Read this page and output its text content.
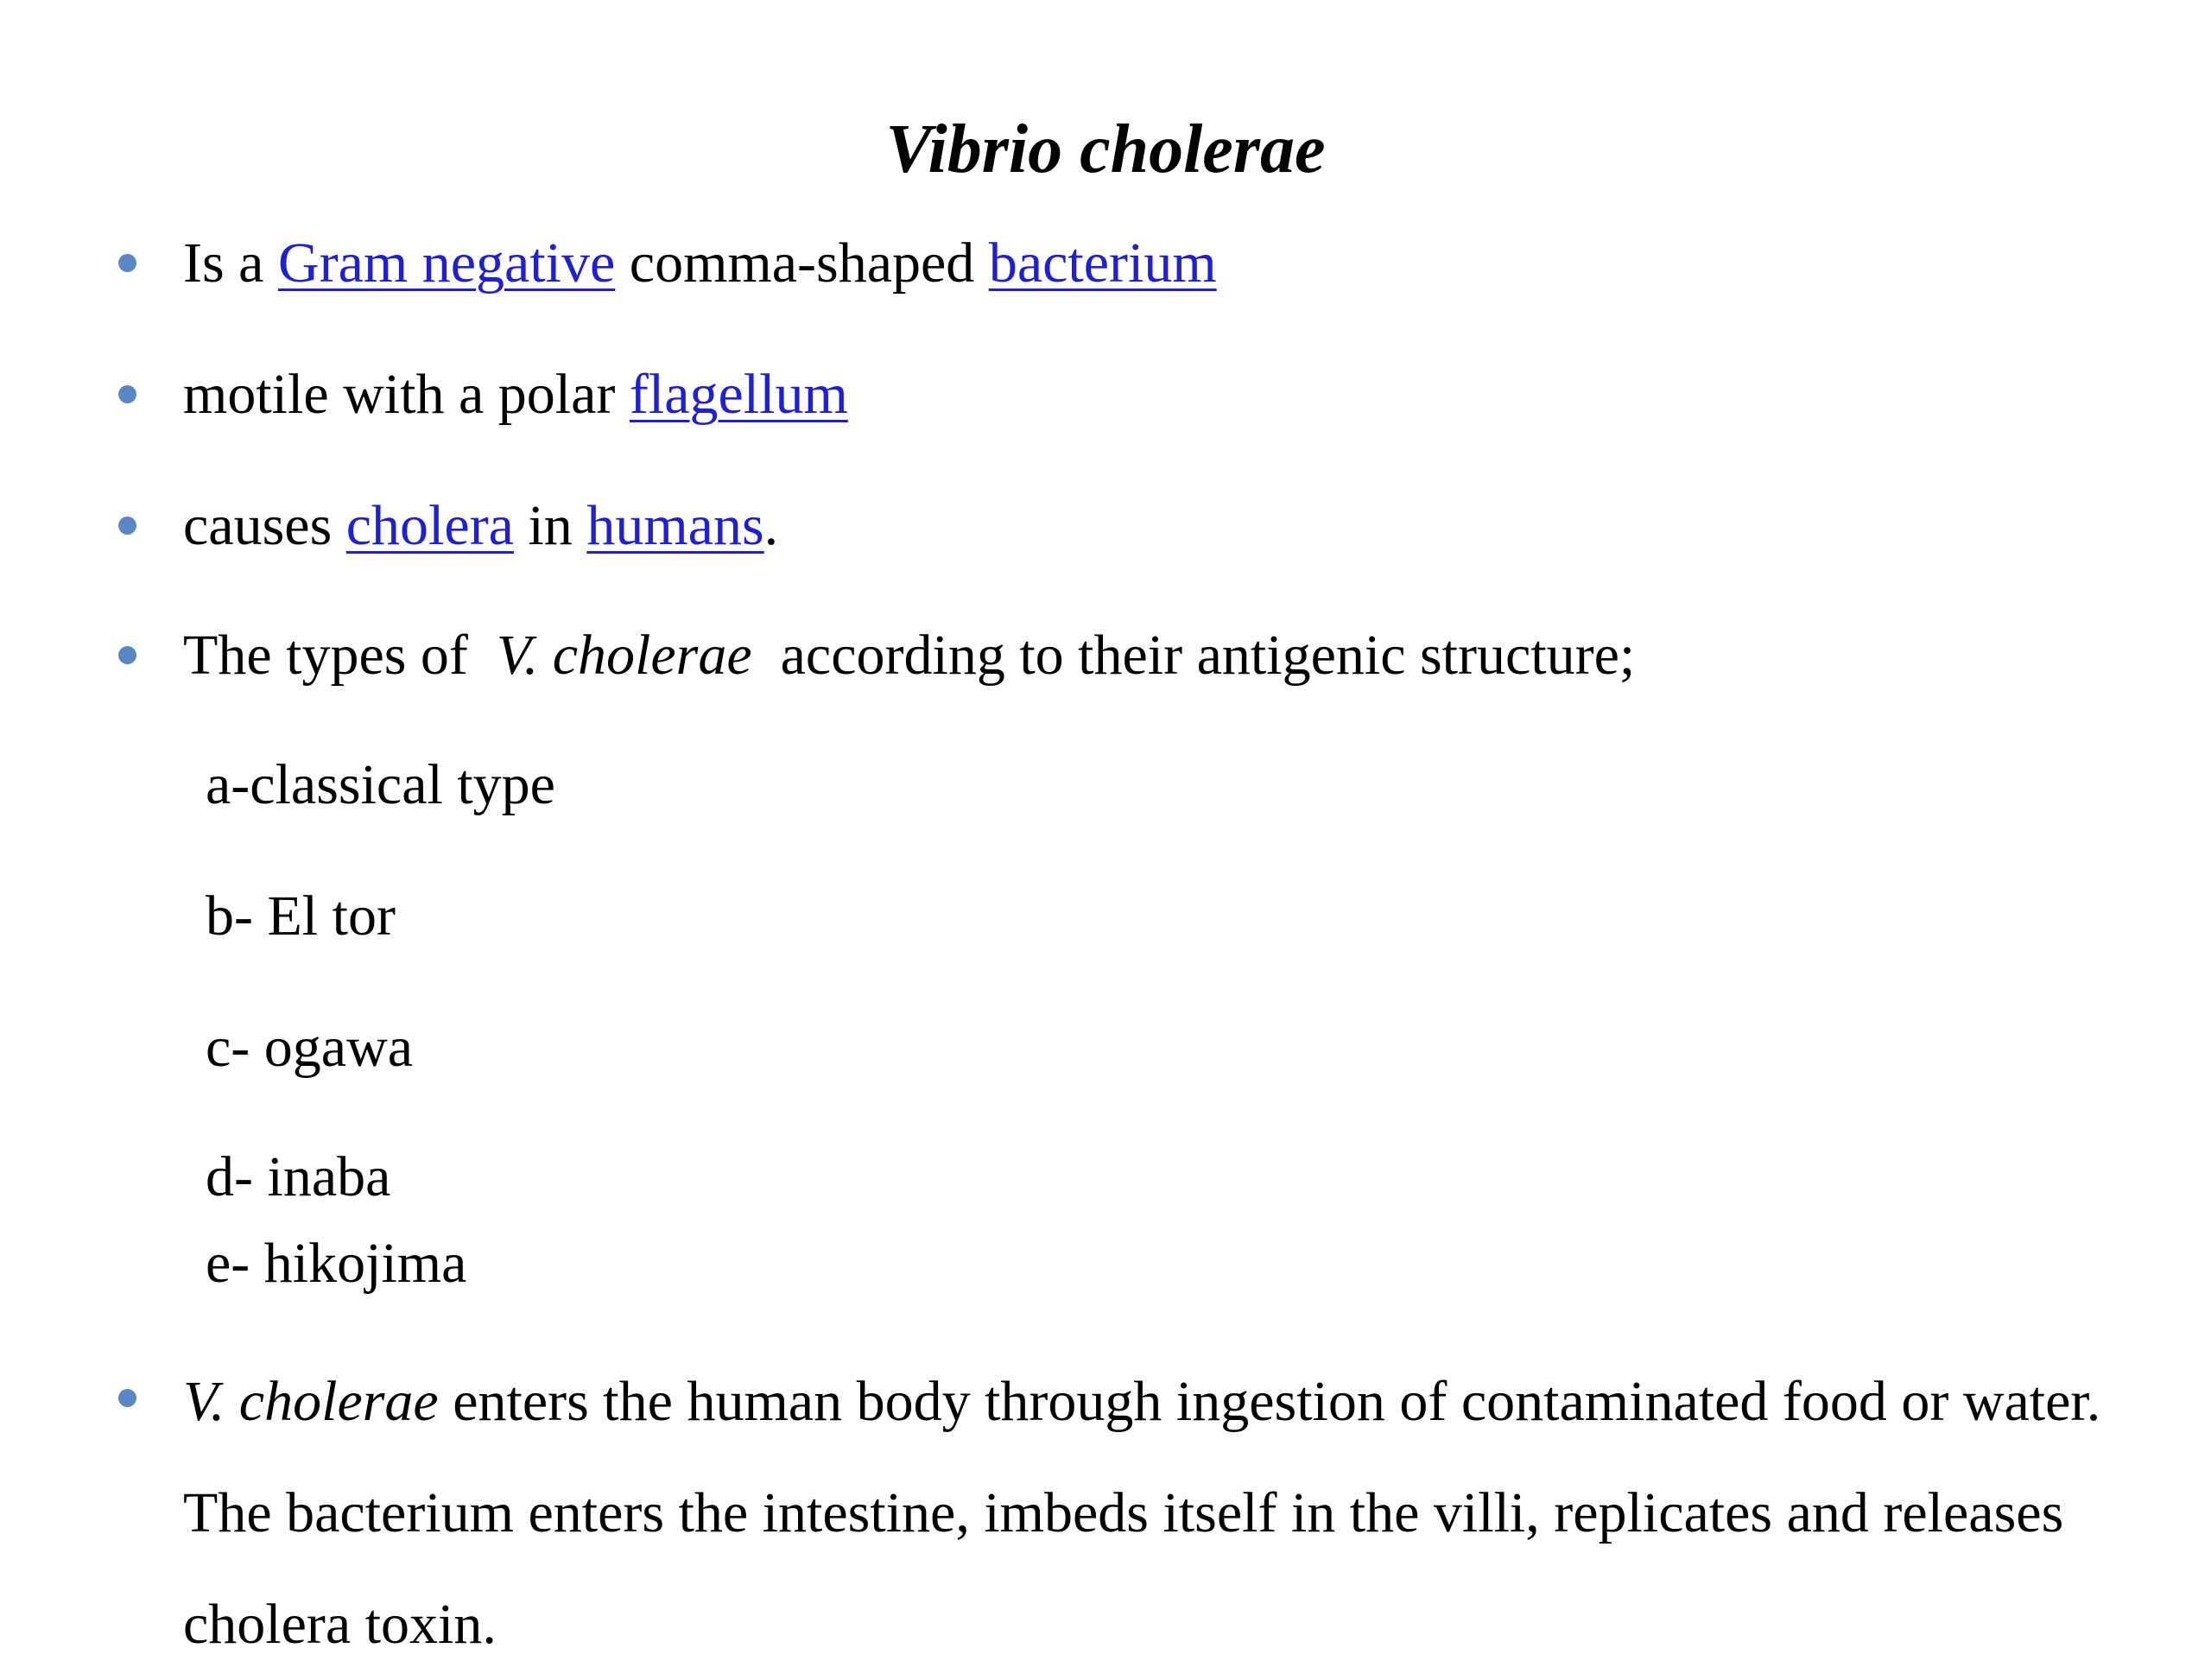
Vibrio cholerae
Is a Gram negative comma-shaped bacterium
motile with a polar flagellum
causes cholera in humans.
The types of  V. cholerae  according to their antigenic structure;
a-classical type
b- El tor
c- ogawa
d- inaba
e- hikojima
V. cholerae enters the human body through ingestion of contaminated food or water. The bacterium enters the intestine, imbeds itself in the villi, replicates and releases cholera toxin.
